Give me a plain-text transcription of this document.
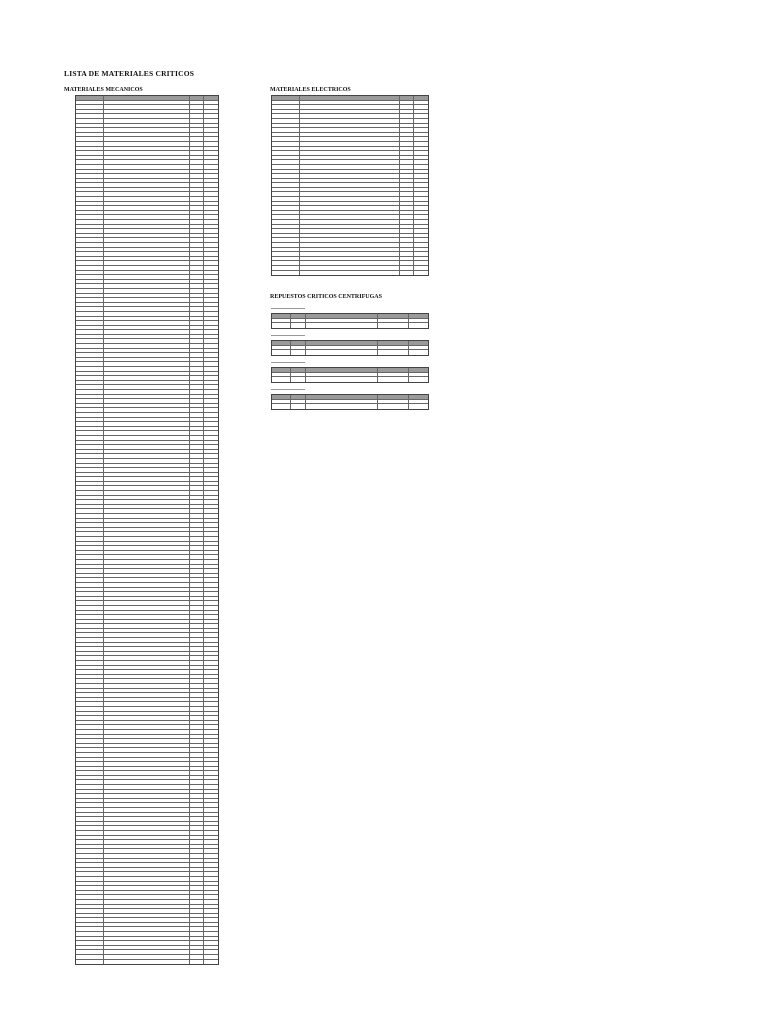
LISTA DE MATERIALES CRITICOS
MATERIALES MECANICOS	MATERIALES ELECTRICOS
REPUESTOS CRITICOS CENTRIFUGAS
